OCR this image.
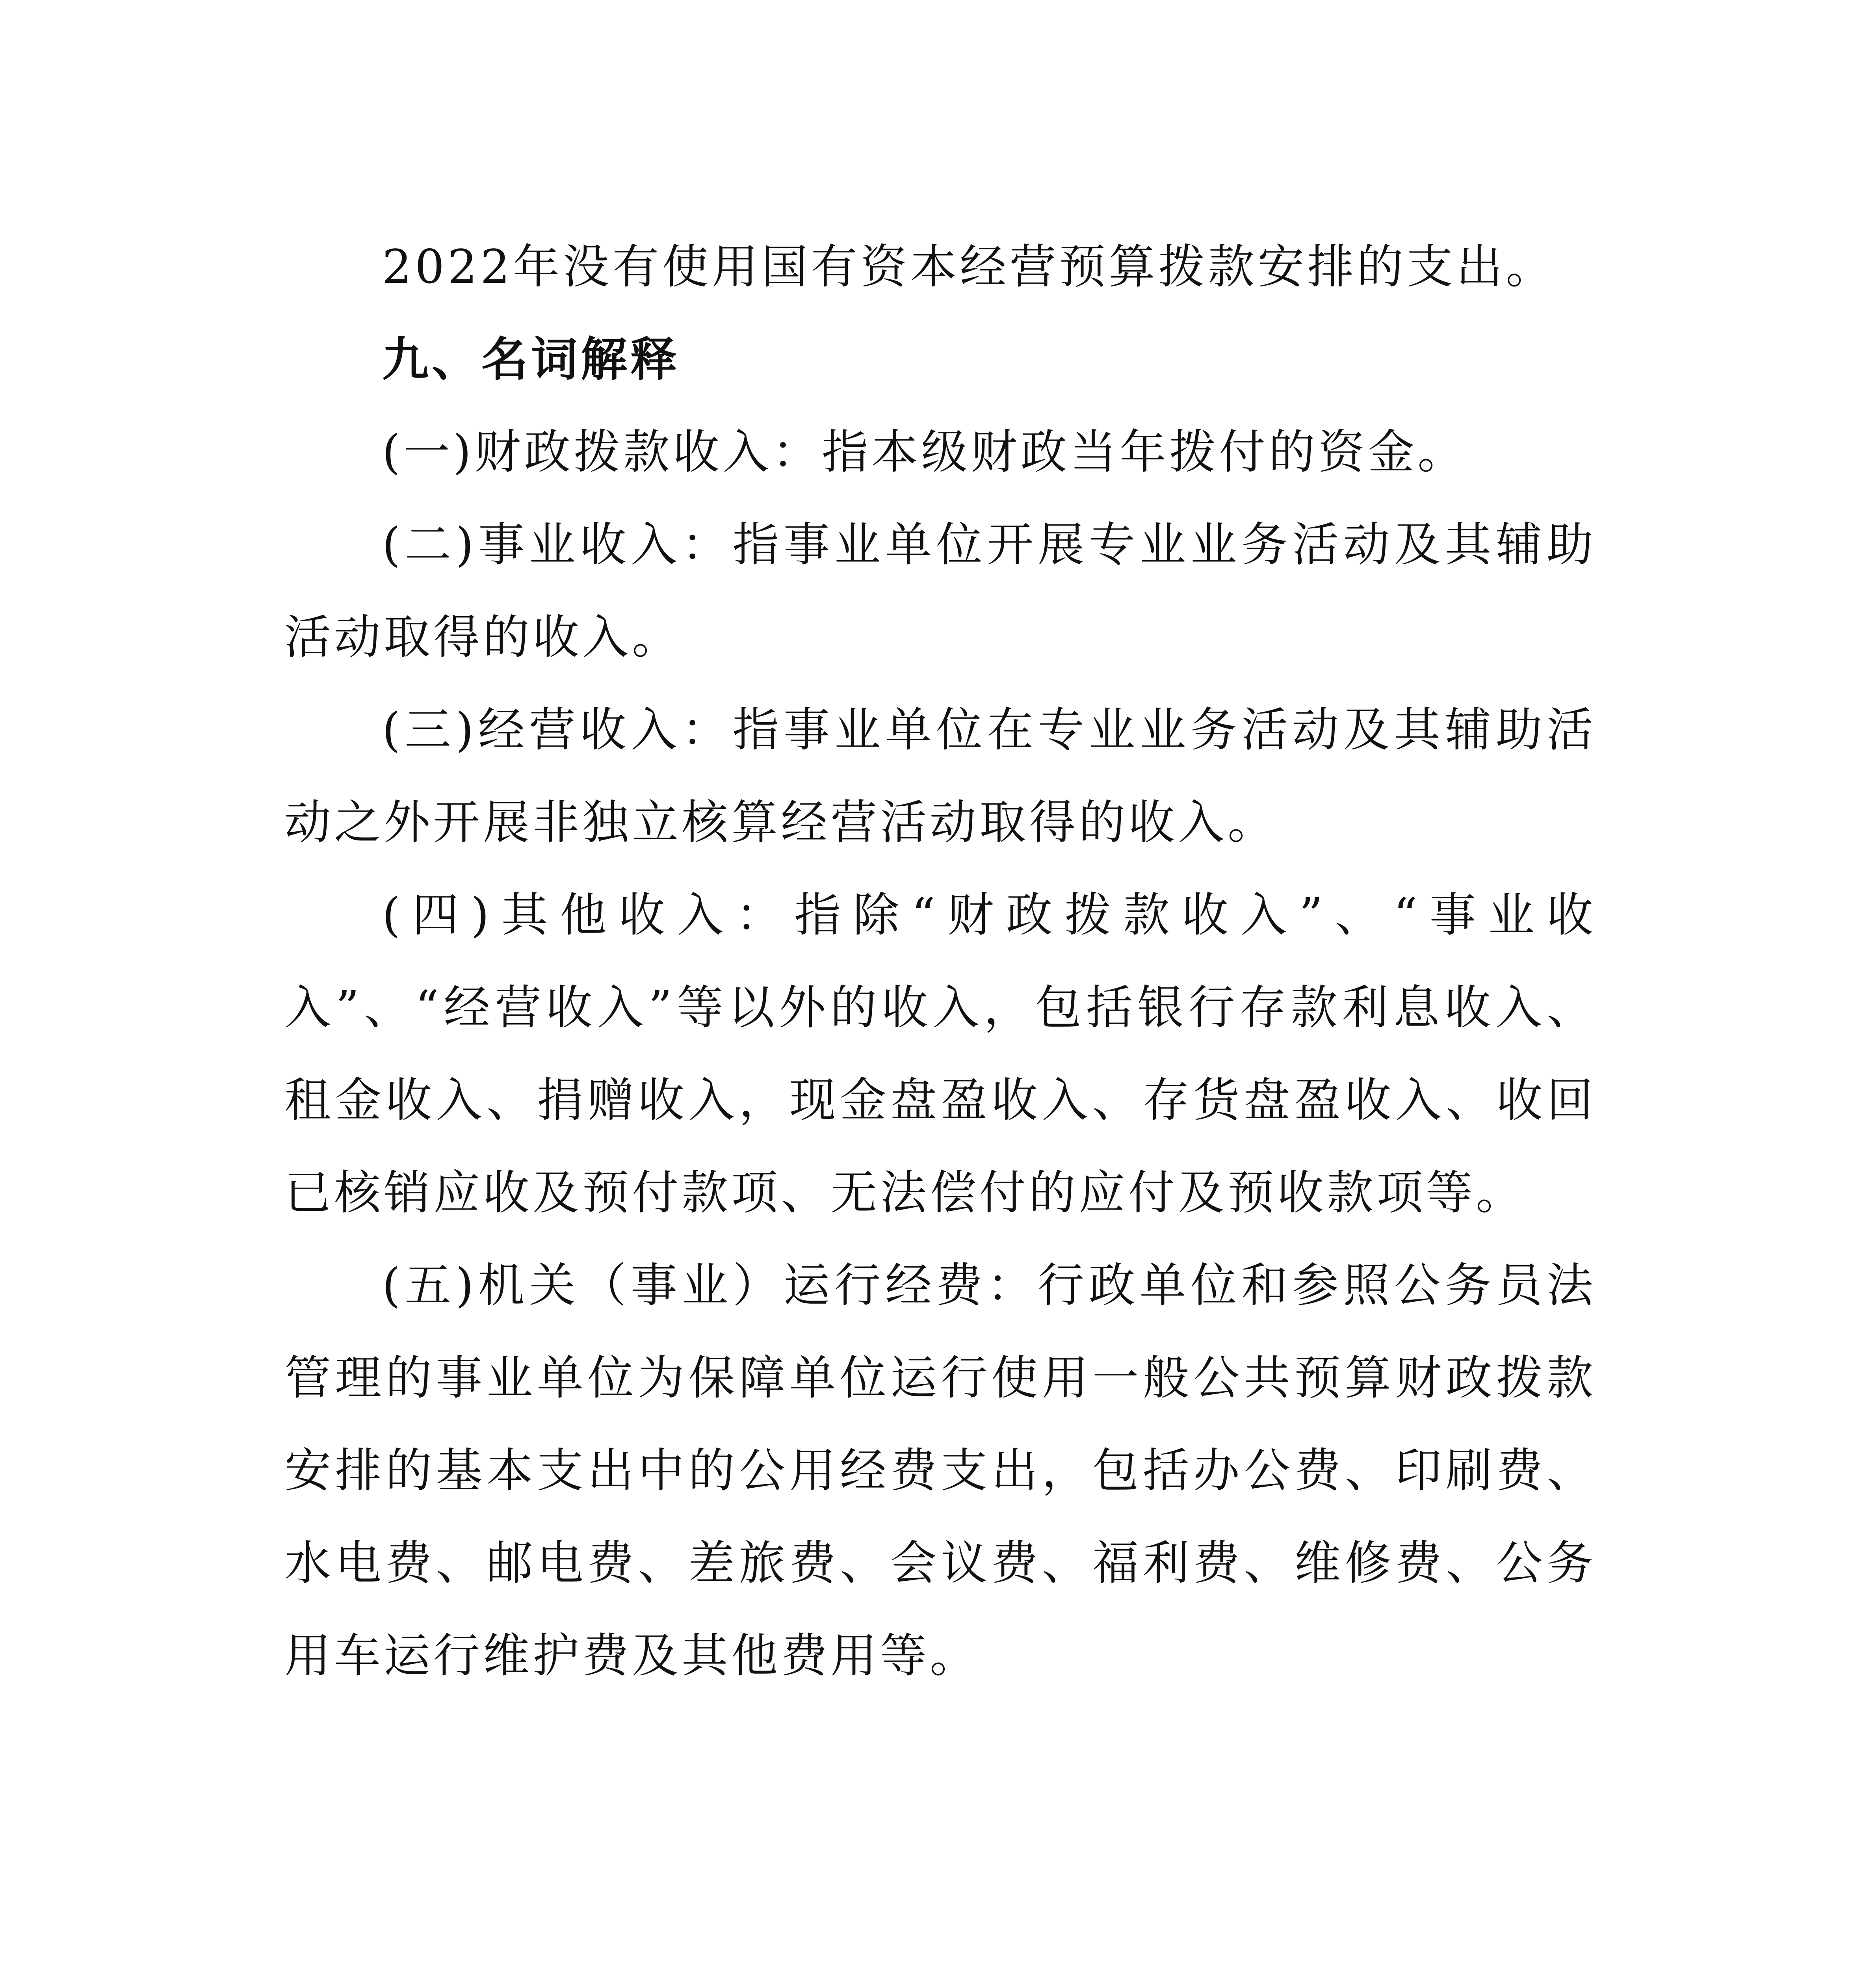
2022年没有使用国有资本经营预算拨款安排的支出。

九、名词解释

(一)财政拨款收入：指本级财政当年拨付的资金。

(二)事业收入：指事业单位开展专业业务活动及其辅助活动取得的收入。

(三)经营收入：指事业单位在专业业务活动及其辅助活动之外开展非独立核算经营活动取得的收入。

(四)其他收入：指除“财政拨款收入”、“事业收入”、“经营收入”等以外的收入，包括银行存款利息收入、租金收入、捐赠收入，现金盘盈收入、存货盘盈收入、收回已核销应收及预付款项、无法偿付的应付及预收款项等。

(五)机关（事业）运行经费：行政单位和参照公务员法管理的事业单位为保障单位运行使用一般公共预算财政拨款安排的基本支出中的公用经费支出，包括办公费、印刷费、水电费、邮电费、差旅费、会议费、福利费、维修费、公务用车运行维护费及其他费用等。
